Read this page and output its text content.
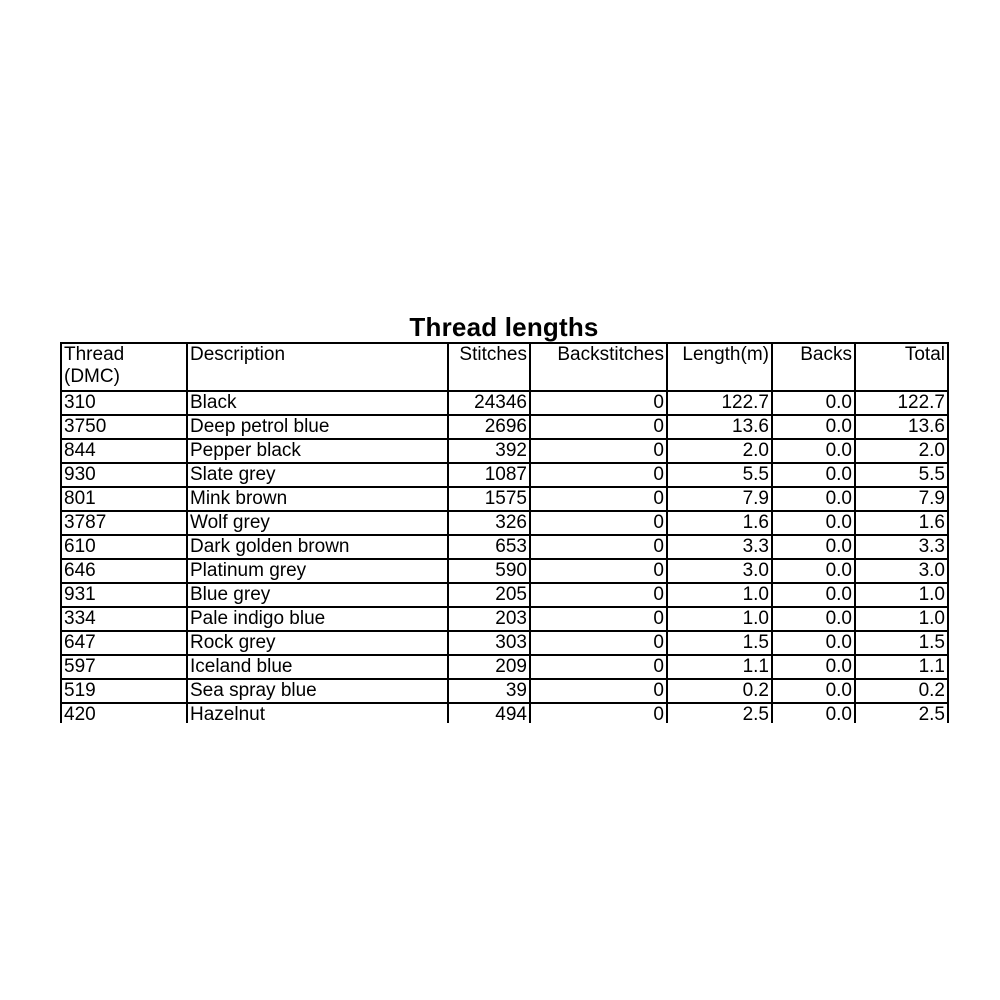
Thread lengths
Thread (DMC)	Description	Stitches	Backstitches	Length(m)	Backs	Total
310	Black	24346	0	122.7	0.0	122.7
3750	Deep petrol blue	2696	0	13.6	0.0	13.6
844	Pepper black	392	0	2.0	0.0	2.0
930	Slate grey	1087	0	5.5	0.0	5.5
801	Mink brown	1575	0	7.9	0.0	7.9
3787	Wolf grey	326	0	1.6	0.0	1.6
610	Dark golden brown	653	0	3.3	0.0	3.3
646	Platinum grey	590	0	3.0	0.0	3.0
931	Blue grey	205	0	1.0	0.0	1.0
334	Pale indigo blue	203	0	1.0	0.0	1.0
647	Rock grey	303	0	1.5	0.0	1.5
597	Iceland blue	209	0	1.1	0.0	1.1
519	Sea spray blue	39	0	0.2	0.0	0.2
420	Hazelnut	494	0	2.5	0.0	2.5
